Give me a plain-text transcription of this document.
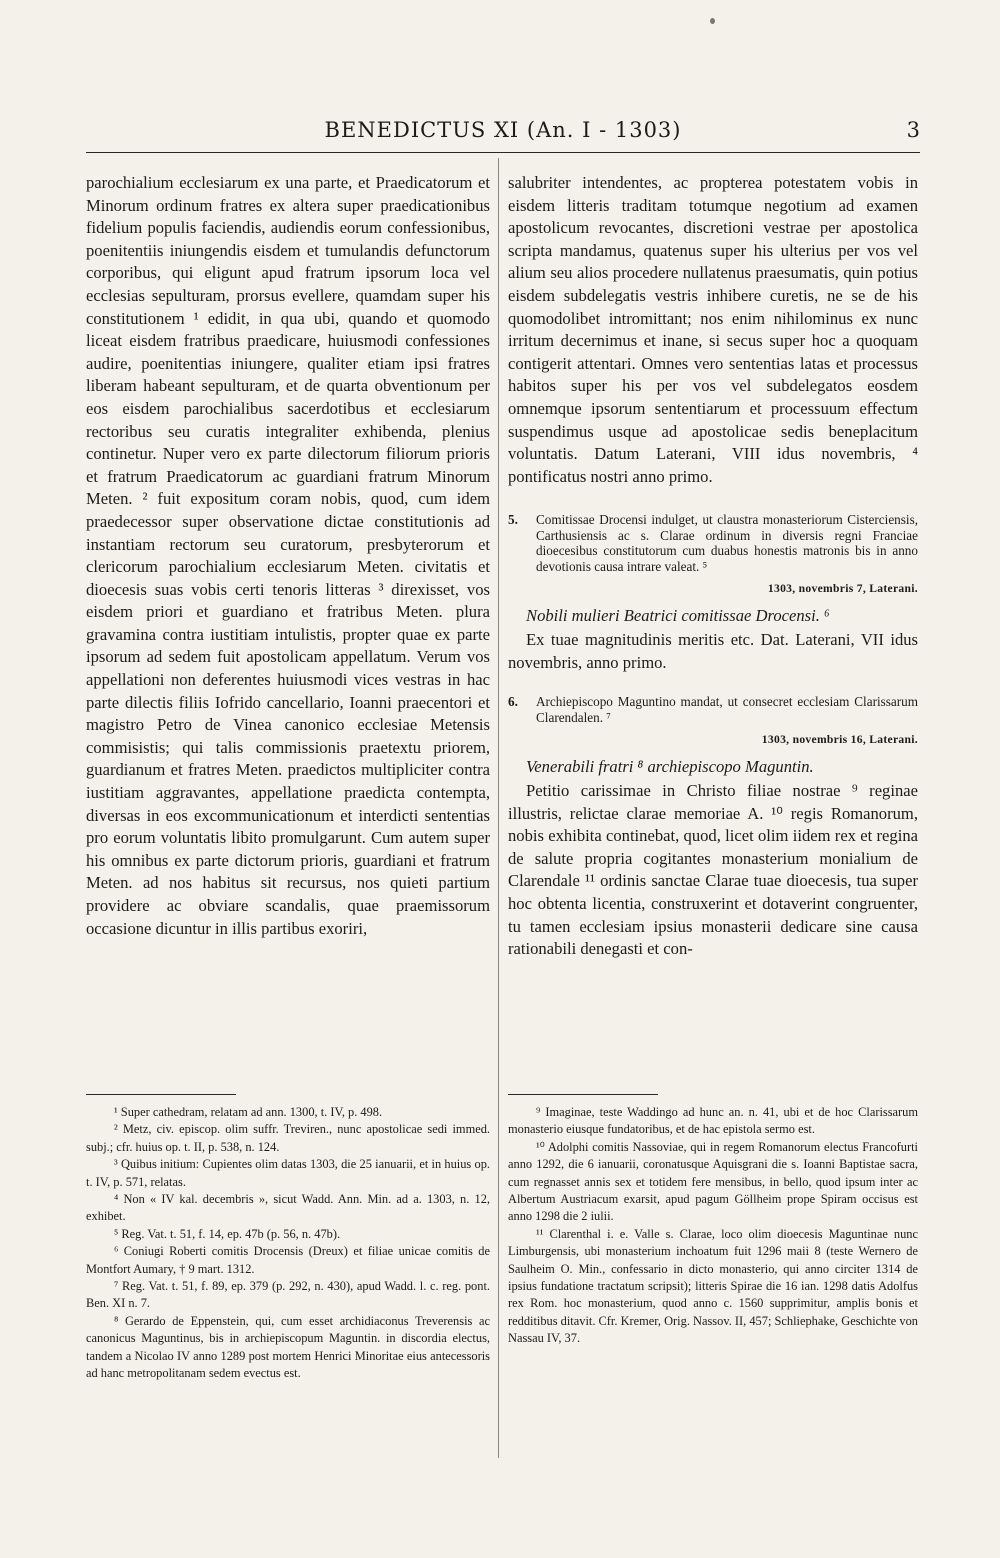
BENEDICTUS XI (An. I - 1303)	3

parochialium ecclesiarum ex una parte, et Praedicatorum et Minorum ordinum fratres ex altera super praedicationibus fidelium populis faciendis, audiendis eorum confessionibus, poenitentiis iniungendis eisdem et tumulandis defunctorum corporibus, qui eligunt apud fratrum ipsorum loca vel ecclesias sepulturam, prorsus evellere, quamdam super his constitutionem ¹ edidit, in qua ubi, quando et quomodo liceat eisdem fratribus praedicare, huiusmodi confessiones audire, poenitentias iniungere, qualiter etiam ipsi fratres liberam habeant sepulturam, et de quarta obventionum per eos eisdem parochialibus sacerdotibus et ecclesiarum rectoribus seu curatis integraliter exhibenda, plenius continetur. Nuper vero ex parte dilectorum filiorum prioris et fratrum Praedicatorum ac guardiani fratrum Minorum Meten. ² fuit expositum coram nobis, quod, cum idem praedecessor super observatione dictae constitutionis ad instantiam rectorum seu curatorum, presbyterorum et clericorum parochialium ecclesiarum Meten. civitatis et dioecesis suas vobis certi tenoris litteras ³ direxisset, vos eisdem priori et guardiano et fratribus Meten. plura gravamina contra iustitiam intulistis, propter quae ex parte ipsorum ad sedem fuit apostolicam appellatum. Verum vos appellationi non deferentes huiusmodi vices vestras in hac parte dilectis filiis Iofrido cancellario, Ioanni praecentori et magistro Petro de Vinea canonico ecclesiae Metensis commisistis; qui talis commissionis praetextu priorem, guardianum et fratres Meten. praedictos multipliciter contra iustitiam aggravantes, appellatione praedicta contempta, diversas in eos excommunicationum et interdicti sententias pro eorum voluntatis libito promulgarunt. Cum autem super his omnibus ex parte dictorum prioris, guardiani et fratrum Meten. ad nos habitus sit recursus, nos quieti partium providere ac obviare scandalis, quae praemissorum occasione dicuntur in illis partibus exoriri,

salubriter intendentes, ac propterea potestatem vobis in eisdem litteris traditam totumque negotium ad examen apostolicum revocantes, discretioni vestrae per apostolica scripta mandamus, quatenus super his ulterius per vos vel alium seu alios procedere nullatenus praesumatis, quin potius eisdem subdelegatis vestris inhibere curetis, ne se de his quomodolibet intromittant; nos enim nihilominus ex nunc irritum decernimus et inane, si secus super hoc a quoquam contigerit attentari. Omnes vero sententias latas et processus habitos super his per vos vel subdelegatos eosdem omnemque ipsorum sententiarum et processuum effectum suspendimus usque ad apostolicae sedis beneplacitum voluntatis. Datum Laterani, VIII idus novembris, ⁴ pontificatus nostri anno primo.

5. Comitissae Drocensi indulget, ut claustra monasteriorum Cisterciensis, Carthusiensis ac s. Clarae ordinum in diversis regni Franciae dioecesibus constitutorum cum duabus honestis matronis bis in anno devotionis causa intrare valeat. ⁵

1303, novembris 7, Laterani.

Nobili mulieri Beatrici comitissae Drocensi. ⁶

Ex tuae magnitudinis meritis etc. Dat. Laterani, VII idus novembris, anno primo.

6. Archiepiscopo Maguntino mandat, ut consecret ecclesiam Clarissarum Clarendalen. ⁷

1303, novembris 16, Laterani.

Venerabili fratri ⁸ archiepiscopo Maguntin.

Petitio carissimae in Christo filiae nostrae ⁹ reginae illustris, relictae clarae memoriae A. ¹⁰ regis Romanorum, nobis exhibita continebat, quod, licet olim iidem rex et regina de salute propria cogitantes monasterium monialium de Clarendale ¹¹ ordinis sanctae Clarae tuae dioecesis, tua super hoc obtenta licentia, construxerint et dotaverint congruenter, tu tamen ecclesiam ipsius monasterii dedicare sine causa rationabili denegasti et con-

¹ Super cathedram, relatam ad ann. 1300, t. IV, p. 498.

² Metz, civ. episcop. olim suffr. Treviren., nunc apostolicae sedi immed. subj.; cfr. huius op. t. II, p. 538, n. 124.

³ Quibus initium: Cupientes olim datas 1303, die 25 ianuarii, et in huius op. t. IV, p. 571, relatas.

⁴ Non « IV kal. decembris », sicut Wadd. Ann. Min. ad a. 1303, n. 12, exhibet.

⁵ Reg. Vat. t. 51, f. 14, ep. 47b (p. 56, n. 47b).

⁶ Coniugi Roberti comitis Drocensis (Dreux) et filiae unicae comitis de Montfort Aumary, † 9 mart. 1312.

⁷ Reg. Vat. t. 51, f. 89, ep. 379 (p. 292, n. 430), apud Wadd. l. c. reg. pont. Ben. XI n. 7.

⁸ Gerardo de Eppenstein, qui, cum esset archidiaconus Treverensis ac canonicus Maguntinus, bis in archiepiscopum Maguntin. in discordia electus, tandem a Nicolao IV anno 1289 post mortem Henrici Minoritae eius antecessoris ad hanc metropolitanam sedem evectus est.

⁹ Imaginae, teste Waddingo ad hunc an. n. 41, ubi et de hoc Clarissarum monasterio eiusque fundatoribus, et de hac epistola sermo est.

¹⁰ Adolphi comitis Nassoviae, qui in regem Romanorum electus Francofurti anno 1292, die 6 ianuarii, coronatusque Aquisgrani die s. Ioanni Baptistae sacra, cum regnasset annis sex et totidem fere mensibus, in bello, quod ipsum inter ac Albertum Austriacum exarsit, apud pagum Göllheim prope Spiram occisus est anno 1298 die 2 iulii.

¹¹ Clarenthal i. e. Valle s. Clarae, loco olim dioecesis Maguntinae nunc Limburgensis, ubi monasterium inchoatum fuit 1296 maii 8 (teste Wernero de Saulheim O. Min., confessario in dicto monasterio, qui anno circiter 1314 de ipsius fundatione tractatum scripsit); litteris Spirae die 16 ian. 1298 datis Adolfus rex Rom. hoc monasterium, quod anno c. 1560 supprimitur, amplis bonis et redditibus ditavit. Cfr. Kremer, Orig. Nassov. II, 457; Schliephake, Geschichte von Nassau IV, 37.
